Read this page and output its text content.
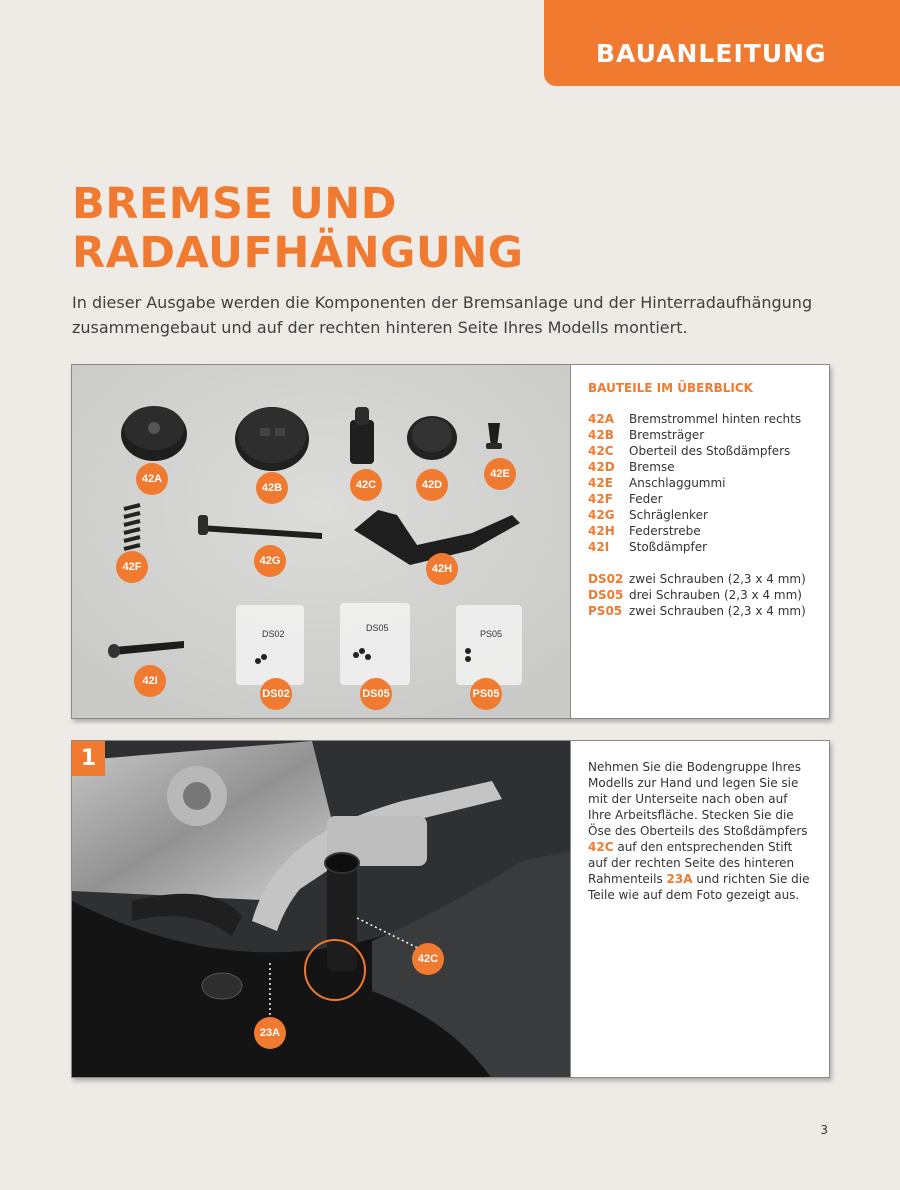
BAUANLEITUNG
BREMSE UND
RADAUFHÄNGUNG

In dieser Ausgabe werden die Komponenten der Bremsanlage und der Hinterradaufhängung zusammengebaut und auf der rechten hinteren Seite Ihres Modells montiert.

DS02
DS05
PS05
42A
42B	42C	42D
42E
42F	42G
42H
42I
DS02	DS05	PS05
BAUTEILE IM ÜBERBLICK
42A	Bremstrommel hinten rechts
42B	Bremsträger
42C	Oberteil des Stoßdämpfers
42D	Bremse
42E	Anschlaggummi
42F	Feder
42G	Schräglenker
42H	Federstrebe
42I	Stoßdämpfer
DS02 zwei Schrauben (2,3 x 4 mm)
DS05 drei Schrauben (2,3 x 4 mm)
PS05 zwei Schrauben (2,3 x 4 mm)
42C
23A
1	Nehmen Sie die Bodengruppe Ihres Modells zur Hand und legen Sie sie mit der Unterseite nach oben auf Ihre Arbeitsfläche. Stecken Sie die Öse des Oberteils des Stoßdämpfers 42C auf den entsprechenden Stift auf der rechten Seite des hinteren Rahmenteils 23A und richten Sie die Teile wie auf dem Foto gezeigt aus.

3
